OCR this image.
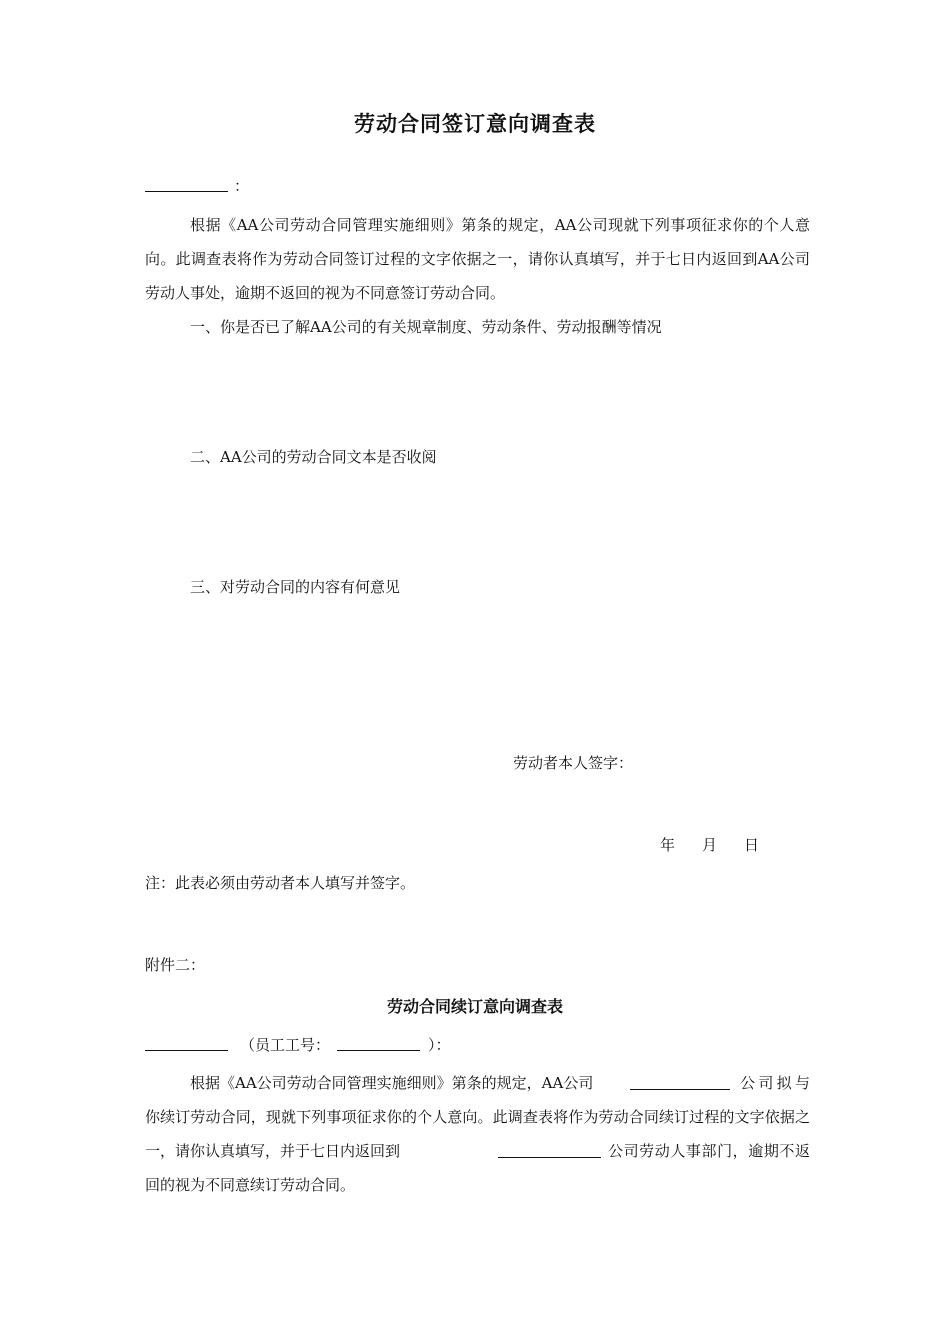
劳动合同签订意向调查表
：
根据《AA公司劳动合同管理实施细则》第条的规定，AA公司现就下列事项征求你的个人意向。此调查表将作为劳动合同签订过程的文字依据之一，请你认真填写，并于七日内返回到AA公司劳动人事处，逾期不返回的视为不同意签订劳动合同。
一、你是否已了解AA公司的有关规章制度、劳动条件、劳动报酬等情况
二、AA公司的劳动合同文本是否收阅
三、对劳动合同的内容有何意见
劳动者本人签字：
年 月 日
注：此表必须由劳动者本人填写并签字。
附件二：
劳动合同续订意向调查表
（员工工号：	）：
根据《AA公司劳动合同管理实施细则》第条的规定，AA公司	公司拟与你续订劳动合同，现就下列事项征求你的个人意向。此调查表将作为劳动合同续订过程的文字依据之一，请你认真填写，并于七日内返回到	公司劳动人事部门，逾期不返回的视为不同意续订劳动合同。
